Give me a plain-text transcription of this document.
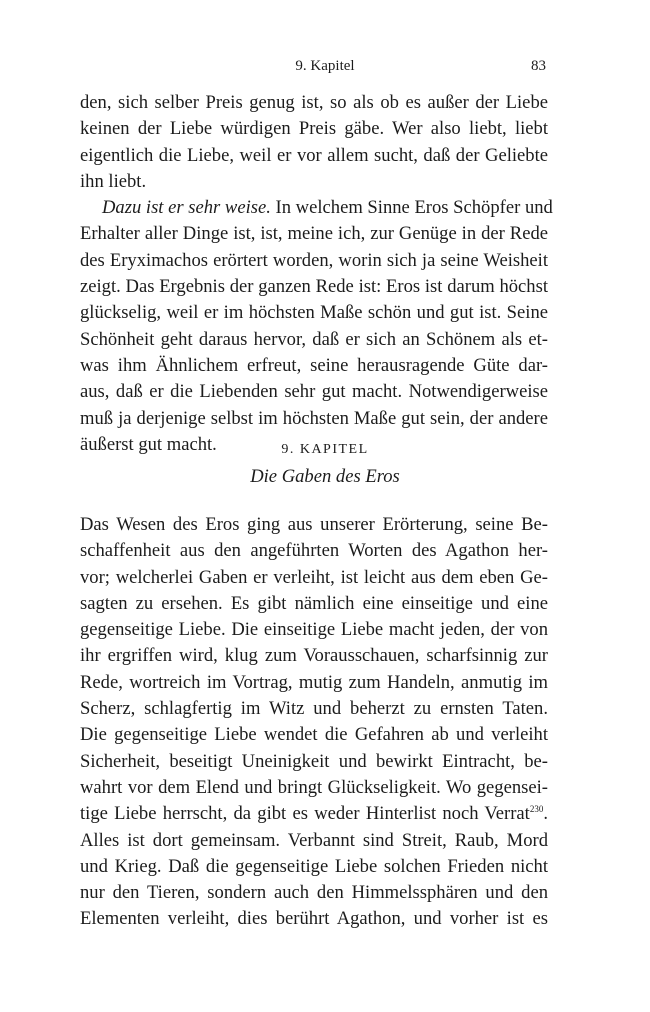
9. Kapitel	83
den, sich selber Preis genug ist, so als ob es außer der Liebe
keinen der Liebe würdigen Preis gäbe. Wer also liebt, liebt
eigentlich die Liebe, weil er vor allem sucht, daß der Geliebte
ihn liebt.
Dazu ist er sehr weise. In welchem Sinne Eros Schöpfer und
Erhalter aller Dinge ist, ist, meine ich, zur Genüge in der Rede
des Eryximachos erörtert worden, worin sich ja seine Weisheit
zeigt. Das Ergebnis der ganzen Rede ist: Eros ist darum höchst
glückselig, weil er im höchsten Maße schön und gut ist. Seine
Schönheit geht daraus hervor, daß er sich an Schönem als et-
was ihm Ähnlichem erfreut, seine herausragende Güte dar-
aus, daß er die Liebenden sehr gut macht. Notwendigerweise
muß ja derjenige selbst im höchsten Maße gut sein, der andere
äußerst gut macht.	9. KAPITEL
Die Gaben des Eros
Das Wesen des Eros ging aus unserer Erörterung, seine Be-
schaffenheit aus den angeführten Worten des Agathon her-
vor; welcherlei Gaben er verleiht, ist leicht aus dem eben Ge-
sagten zu ersehen. Es gibt nämlich eine einseitige und eine
gegenseitige Liebe. Die einseitige Liebe macht jeden, der von
ihr ergriffen wird, klug zum Vorausschauen, scharfsinnig zur
Rede, wortreich im Vortrag, mutig zum Handeln, anmutig im
Scherz, schlagfertig im Witz und beherzt zu ernsten Taten.
Die gegenseitige Liebe wendet die Gefahren ab und verleiht
Sicherheit, beseitigt Uneinigkeit und bewirkt Eintracht, be-
wahrt vor dem Elend und bringt Glückseligkeit. Wo gegensei-
tige Liebe herrscht, da gibt es weder Hinterlist noch Verrat$^{230}$.
Alles ist dort gemeinsam. Verbannt sind Streit, Raub, Mord
und Krieg. Daß die gegenseitige Liebe solchen Frieden nicht
nur den Tieren, sondern auch den Himmelssphären und den
Elementen verleiht, dies berührt Agathon, und vorher ist es
